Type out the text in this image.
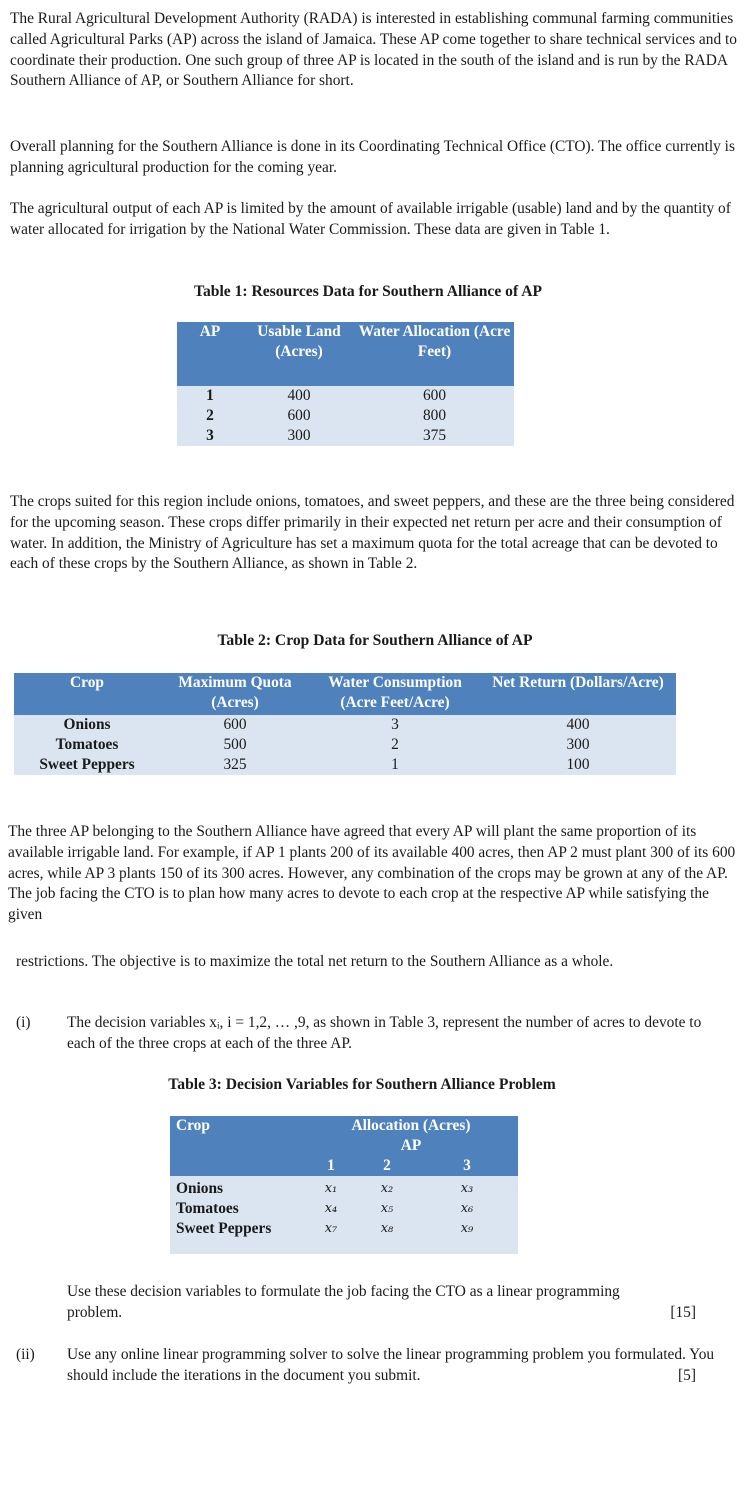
The Rural Agricultural Development Authority (RADA) is interested in establishing communal farming communities called Agricultural Parks (AP) across the island of Jamaica. These AP come together to share technical services and to coordinate their production. One such group of three AP is located in the south of the island and is run by the RADA Southern Alliance of AP, or Southern Alliance for short.

Overall planning for the Southern Alliance is done in its Coordinating Technical Office (CTO). The office currently is planning agricultural production for the coming year.

The agricultural output of each AP is limited by the amount of available irrigable (usable) land and by the quantity of water allocated for irrigation by the National Water Commission. These data are given in Table 1.

Table 1: Resources Data for Southern Alliance of AP
AP	Usable Land (Acres)	Water Allocation (Acre Feet)
1	400	600
2	600	800
3	300	375

The crops suited for this region include onions, tomatoes, and sweet peppers, and these are the three being considered for the upcoming season. These crops differ primarily in their expected net return per acre and their consumption of water. In addition, the Ministry of Agriculture has set a maximum quota for the total acreage that can be devoted to each of these crops by the Southern Alliance, as shown in Table 2.

Table 2: Crop Data for Southern Alliance of AP
Crop	Maximum Quota (Acres)	Water Consumption (Acre Feet/Acre)	Net Return (Dollars/Acre)
Onions	600	3	400
Tomatoes	500	2	300
Sweet Peppers	325	1	100

The three AP belonging to the Southern Alliance have agreed that every AP will plant the same proportion of its available irrigable land. For example, if AP 1 plants 200 of its available 400 acres, then AP 2 must plant 300 of its 600 acres, while AP 3 plants 150 of its 300 acres. However, any combination of the crops may be grown at any of the AP. The job facing the CTO is to plan how many acres to devote to each crop at the respective AP while satisfying the given

restrictions. The objective is to maximize the total net return to the Southern Alliance as a whole.

(i) The decision variables xᵢ, i = 1,2, … ,9, as shown in Table 3, represent the number of acres to devote to each of the three crops at each of the three AP.

Table 3: Decision Variables for Southern Alliance Problem
Crop	Allocation (Acres)		
	AP		
	1	2	3
Onions	x₁	x₂	x₃
Tomatoes	x₄	x₅	x₆
Sweet Peppers	x₇	x₈	x₉

Use these decision variables to formulate the job facing the CTO as a linear programming problem.	[15]
(ii) Use any online linear programming solver to solve the linear programming problem you formulated. You should include the iterations in the document you submit.	[5]
